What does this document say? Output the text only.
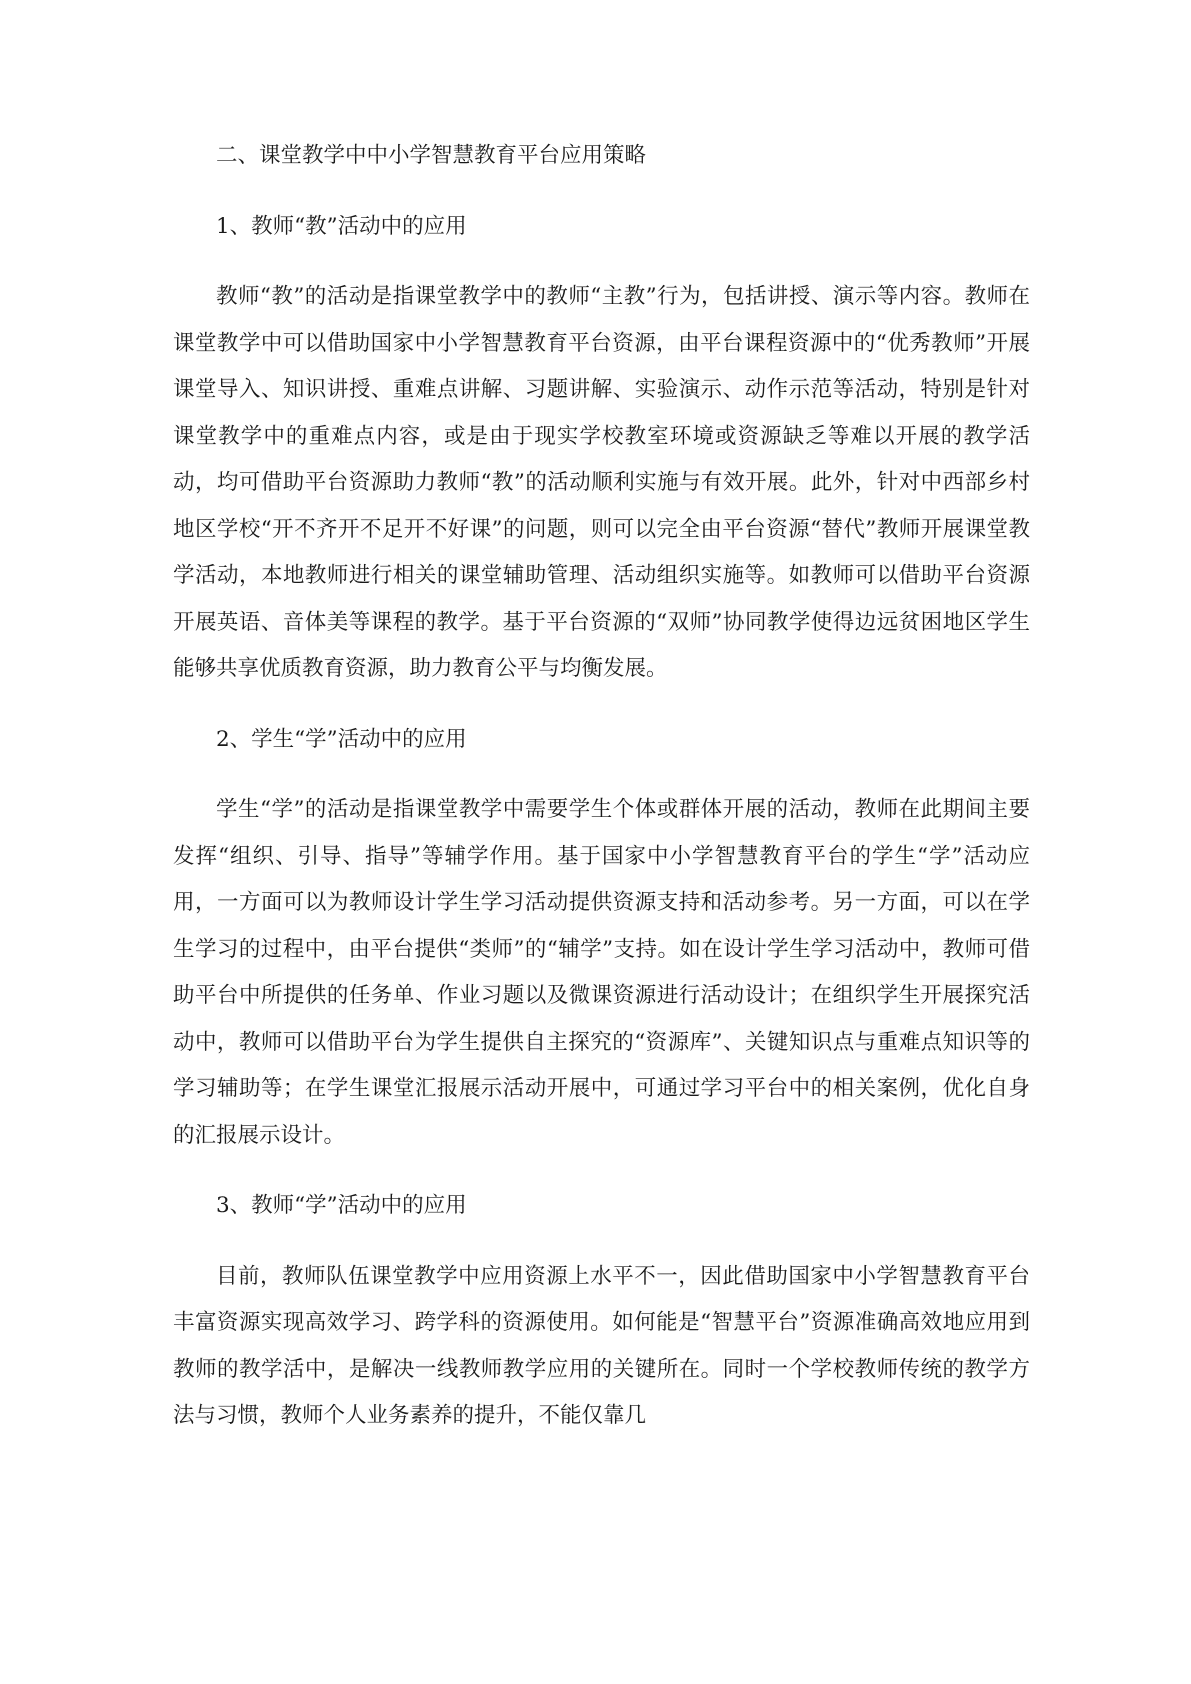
二、课堂教学中中小学智慧教育平台应用策略
1、教师“教”活动中的应用
教师“教”的活动是指课堂教学中的教师“主教”行为，包括讲授、演示等内容。教师在课堂教学中可以借助国家中小学智慧教育平台资源，由平台课程资源中的“优秀教师”开展课堂导入、知识讲授、重难点讲解、习题讲解、实验演示、动作示范等活动，特别是针对课堂教学中的重难点内容，或是由于现实学校教室环境或资源缺乏等难以开展的教学活动，均可借助平台资源助力教师“教”的活动顺利实施与有效开展。此外，针对中西部乡村地区学校“开不齐开不足开不好课”的问题，则可以完全由平台资源“替代”教师开展课堂教学活动，本地教师进行相关的课堂辅助管理、活动组织实施等。如教师可以借助平台资源开展英语、音体美等课程的教学。基于平台资源的“双师”协同教学使得边远贫困地区学生能够共享优质教育资源，助力教育公平与均衡发展。
2、学生“学”活动中的应用
学生“学”的活动是指课堂教学中需要学生个体或群体开展的活动，教师在此期间主要发挥“组织、引导、指导”等辅学作用。基于国家中小学智慧教育平台的学生“学”活动应用，一方面可以为教师设计学生学习活动提供资源支持和活动参考。另一方面，可以在学生学习的过程中，由平台提供“类师”的“辅学”支持。如在设计学生学习活动中，教师可借助平台中所提供的任务单、作业习题以及微课资源进行活动设计；在组织学生开展探究活动中，教师可以借助平台为学生提供自主探究的“资源库”、关键知识点与重难点知识等的学习辅助等；在学生课堂汇报展示活动开展中，可通过学习平台中的相关案例，优化自身的汇报展示设计。
3、教师“学”活动中的应用
目前，教师队伍课堂教学中应用资源上水平不一，因此借助国家中小学智慧教育平台丰富资源实现高效学习、跨学科的资源使用。如何能是“智慧平台”资源准确高效地应用到教师的教学活中，是解决一线教师教学应用的关键所在。同时一个学校教师传统的教学方法与习惯，教师个人业务素养的提升，不能仅靠几
